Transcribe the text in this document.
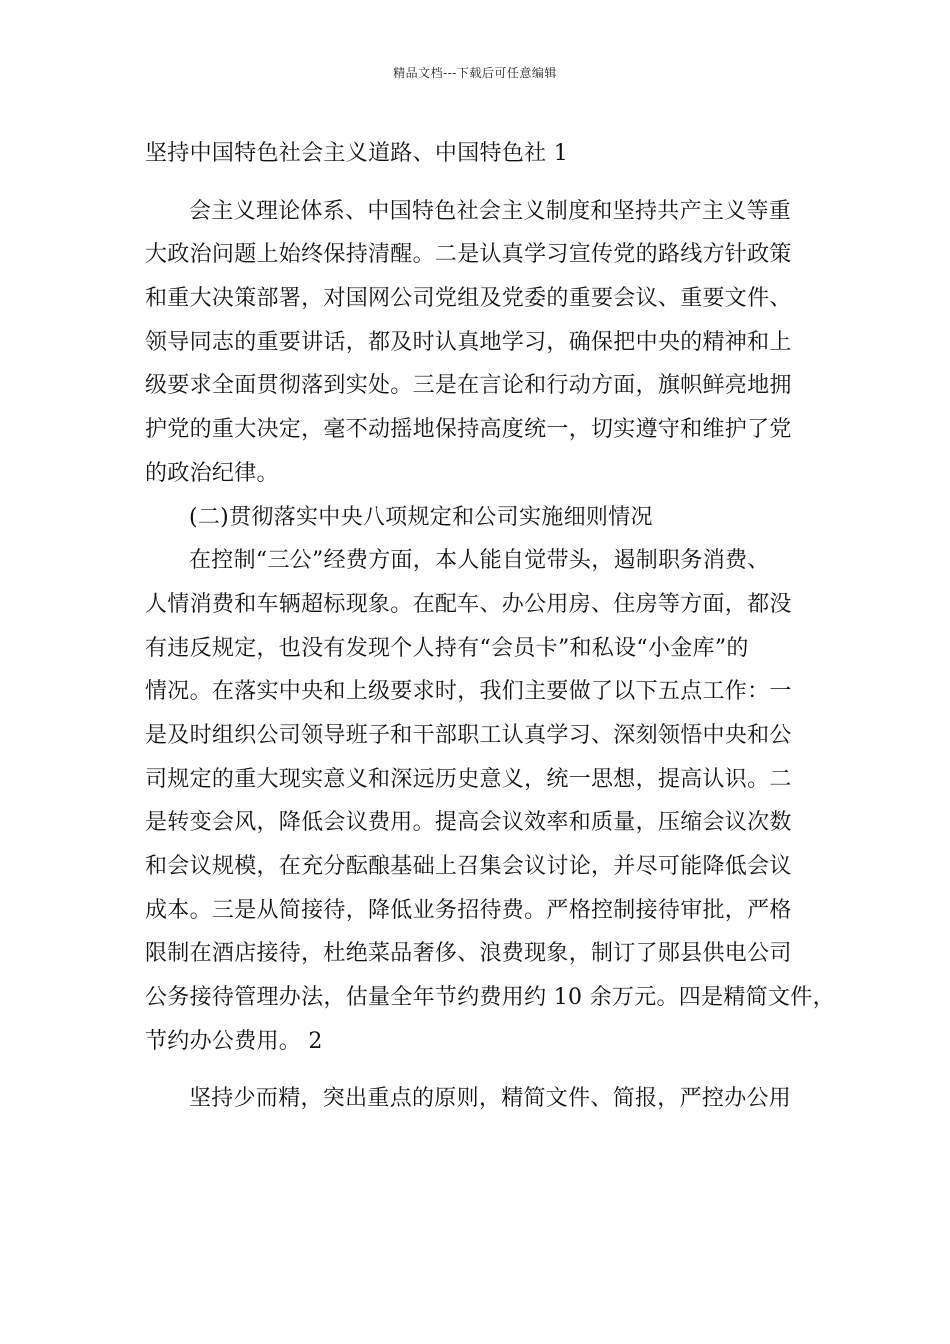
精品文档---下载后可任意编辑
坚持中国特色社会主义道路、中国特色社 1
会主义理论体系、中国特色社会主义制度和坚持共产主义等重
大政治问题上始终保持清醒。二是认真学习宣传党的路线方针政策
和重大决策部署，对国网公司党组及党委的重要会议、重要文件、
领导同志的重要讲话，都及时认真地学习，确保把中央的精神和上
级要求全面贯彻落到实处。三是在言论和行动方面，旗帜鲜亮地拥
护党的重大决定，毫不动摇地保持高度统一，切实遵守和维护了党
的政治纪律。
(二)贯彻落实中央八项规定和公司实施细则情况
在控制“三公”经费方面，本人能自觉带头，遏制职务消费、
人情消费和车辆超标现象。在配车、办公用房、住房等方面，都没
有违反规定，也没有发现个人持有“会员卡”和私设“小金库”的
情况。在落实中央和上级要求时，我们主要做了以下五点工作：一
是及时组织公司领导班子和干部职工认真学习、深刻领悟中央和公
司规定的重大现实意义和深远历史意义，统一思想，提高认识。二
是转变会风，降低会议费用。提高会议效率和质量，压缩会议次数
和会议规模，在充分酝酿基础上召集会议讨论，并尽可能降低会议
成本。三是从简接待，降低业务招待费。严格控制接待审批，严格
限制在酒店接待，杜绝菜品奢侈、浪费现象，制订了郧县供电公司
公务接待管理办法，估量全年节约费用约 10 余万元。四是精简文件，
节约办公费用。 2
坚持少而精，突出重点的原则，精简文件、简报，严控办公用
